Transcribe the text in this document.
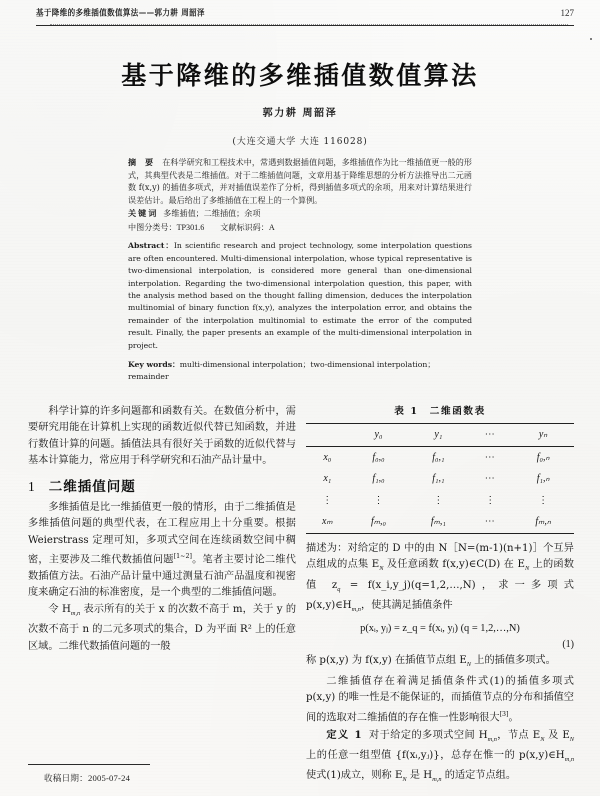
基于降维的多维插值数值算法——郭力耕 周韶泽	127
基于降维的多维插值数值算法
郭力耕 周韶泽
(大连交通大学 大连 116028)
摘 要 在科学研究和工程技术中，常遇到数据插值问题，多维插值作为比一维插值更一般的形式，其典型代表是二维插值。对于二维插值问题，文章用基于降维思想的分析方法推导出二元函数 f(x,y) 的插值多项式，并对插值误差作了分析，得到插值多项式的余项，用来对计算结果进行误差估计。最后给出了多维插值在工程上的一个算例。
关键词 多维插值；二维插值；余项
中图分类号：TP301.6 文献标识码：A
Abstract：In scientific research and project technology, some interpolation questions are often encountered. Multi-dimensional interpolation, whose typical representative is two-dimensional interpolation, is considered more general than one-dimensional interpolation. Regarding the two-dimensional interpolation question, this paper, with the analysis method based on the thought falling dimension, deduces the interpolation multinomial of binary function f(x,y), analyzes the interpolation error, and obtains the remainder of the interpolation multinomial to estimate the error of the computed result. Finally, the paper presents an example of the multi-dimensional interpolation in project.
Key words：multi-dimensional interpolation；two-dimensional interpolation；remainder

科学计算的许多问题都和函数有关。在数值分析中，需要研究用能在计算机上实现的函数近似代替已知函数，并进行数值计算的问题。插值法具有很好关于函数的近似代替与基本计算能力，常应用于科学研究和石油产品计量中。

1 二维插值问题

多维插值是比一维插值更一般的情形，由于二维插值是多维插值问题的典型代表，在工程应用上十分重要。根据 Weierstrass 定理可知，多项式空间在连续函数空间中稠密，主要涉及二维代数插值问题[1~2]。笔者主要讨论二维代数插值方法。石油产品计量中通过测量石油产品温度和视密度来确定石油的标准密度，是一个典型的二维插值问题。

令 $H_{m,n}$ 表示所有的关于 x 的次数不高于 m，关于 y 的次数不高于 n 的二元多项式的集合，D 为平面 R² 上的任意区域。二维代数插值问题的一般

表 1　二维函数表
	y₀	y₁	⋯	yₙ
x₀	f₀,₀	f₀,₁	⋯	f₀,ₙ
x₁	f₁,₀	f₁,₁	⋯	f₁,ₙ
⋮	⋮	⋮	⋮	⋮
xₘ	fₘ,₀	fₘ,₁	⋯	fₘ,ₙ

描述为：对给定的 D 中的由 N［N=(m-1)(n+1)］个互异点组成的点集 $E_N$ 及任意函数 f(x,y)∈C(D) 在 $E_N$ 上的函数值 $z_q$ = f(x_i,y_j)(q=1,2,…,N)，求一多项式 $p(x,y)\in H_{m,n}$，使其满足插值条件

p(xᵢ, yⱼ) = z_q = f(xᵢ, yⱼ) (q = 1,2,…,N)
(1)

称 p(x,y) 为 f(x,y) 在插值节点组 $E_N$ 上的插值多项式。

二维插值存在着满足插值条件式(1)的插值多项式 p(x,y) 的唯一性是不能保证的，而插值节点的分布和插值空间的选取对二维插值的存在惟一性影响很大[3]。

定义 1 对于给定的多项式空间 $H_{m,n}$，节点 $E_N$ 及 $E_N$ 上的任意一组型值 {f(xᵢ,yⱼ)}，总存在惟一的 $p(x,y)\in H_{m,n}$ 使式(1)成立，则称 $E_N$ 是 $H_{m,n}$ 的适定节点组。

收稿日期：2005-07-24
